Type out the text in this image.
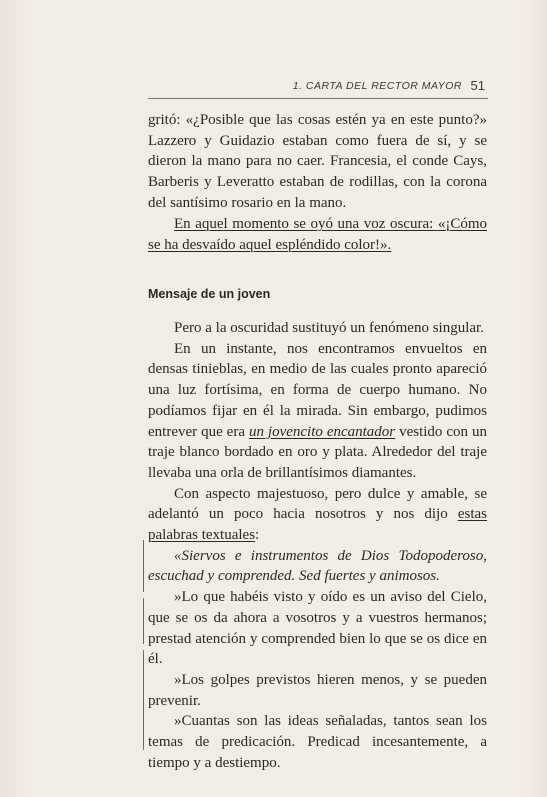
1. CARTA DEL RECTOR MAYOR 51

gritó: «¿Posible que las cosas estén ya en este punto?» Lazzero y Guidazio estaban como fuera de sí, y se dieron la mano para no caer. Francesia, el conde Cays, Barberis y Leveratto estaban de rodillas, con la corona del santísimo rosario en la mano.

En aquel momento se oyó una voz oscura: «¡Cómo se ha desvaído aquel espléndido color!».

Mensaje de un joven

Pero a la oscuridad sustituyó un fenómeno singular.

En un instante, nos encontramos envueltos en densas tinieblas, en medio de las cuales pronto apareció una luz fortísima, en forma de cuerpo humano. No podíamos fijar en él la mirada. Sin embargo, pudimos entrever que era un jovencito encantador vestido con un traje blanco bordado en oro y plata. Alrededor del traje llevaba una orla de brillantísimos diamantes.

Con aspecto majestuoso, pero dulce y amable, se adelantó un poco hacia nosotros y nos dijo estas palabras textuales:

«Siervos e instrumentos de Dios Todopoderoso, escuchad y comprended. Sed fuertes y animosos.

»Lo que habéis visto y oído es un aviso del Cielo, que se os da ahora a vosotros y a vuestros hermanos; prestad atención y comprended bien lo que se os dice en él.

»Los golpes previstos hieren menos, y se pueden prevenir.

»Cuantas son las ideas señaladas, tantos sean los temas de predicación. Predicad incesantemente, a tiempo y a destiempo.
